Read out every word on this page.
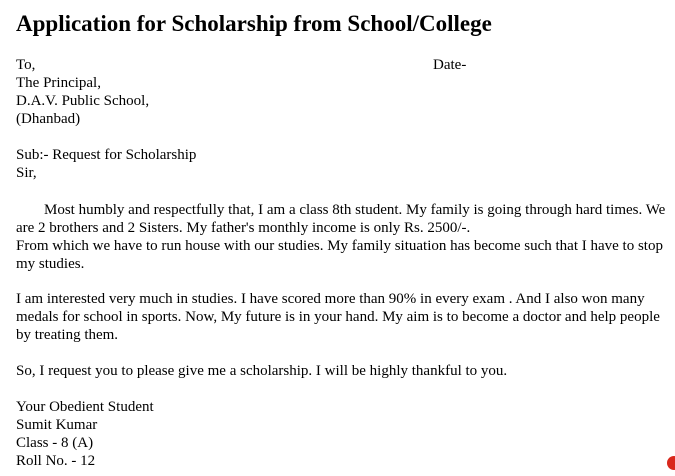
Application for Scholarship from School/College
To,	Date-
The Principal,
D.A.V. Public School,
(Dhanbad)
Sub:- Request for Scholarship
Sir,

Most humbly and respectfully that, I am a class 8th student. My family is going through hard times. We are 2 brothers and 2 Sisters. My father's monthly income is only Rs. 2500/-.

From which we have to run house with our studies. My family situation has become such that I have to stop my studies.

I am interested very much in studies. I have scored more than 90% in every exam . And I also won many medals for school in sports. Now, My future is in your hand. My aim is to become a doctor and help people by treating them.

So, I request you to please give me a scholarship. I will be highly thankful to you.

Your Obedient Student
Sumit Kumar
Class - 8 (A)
Roll No. - 12
